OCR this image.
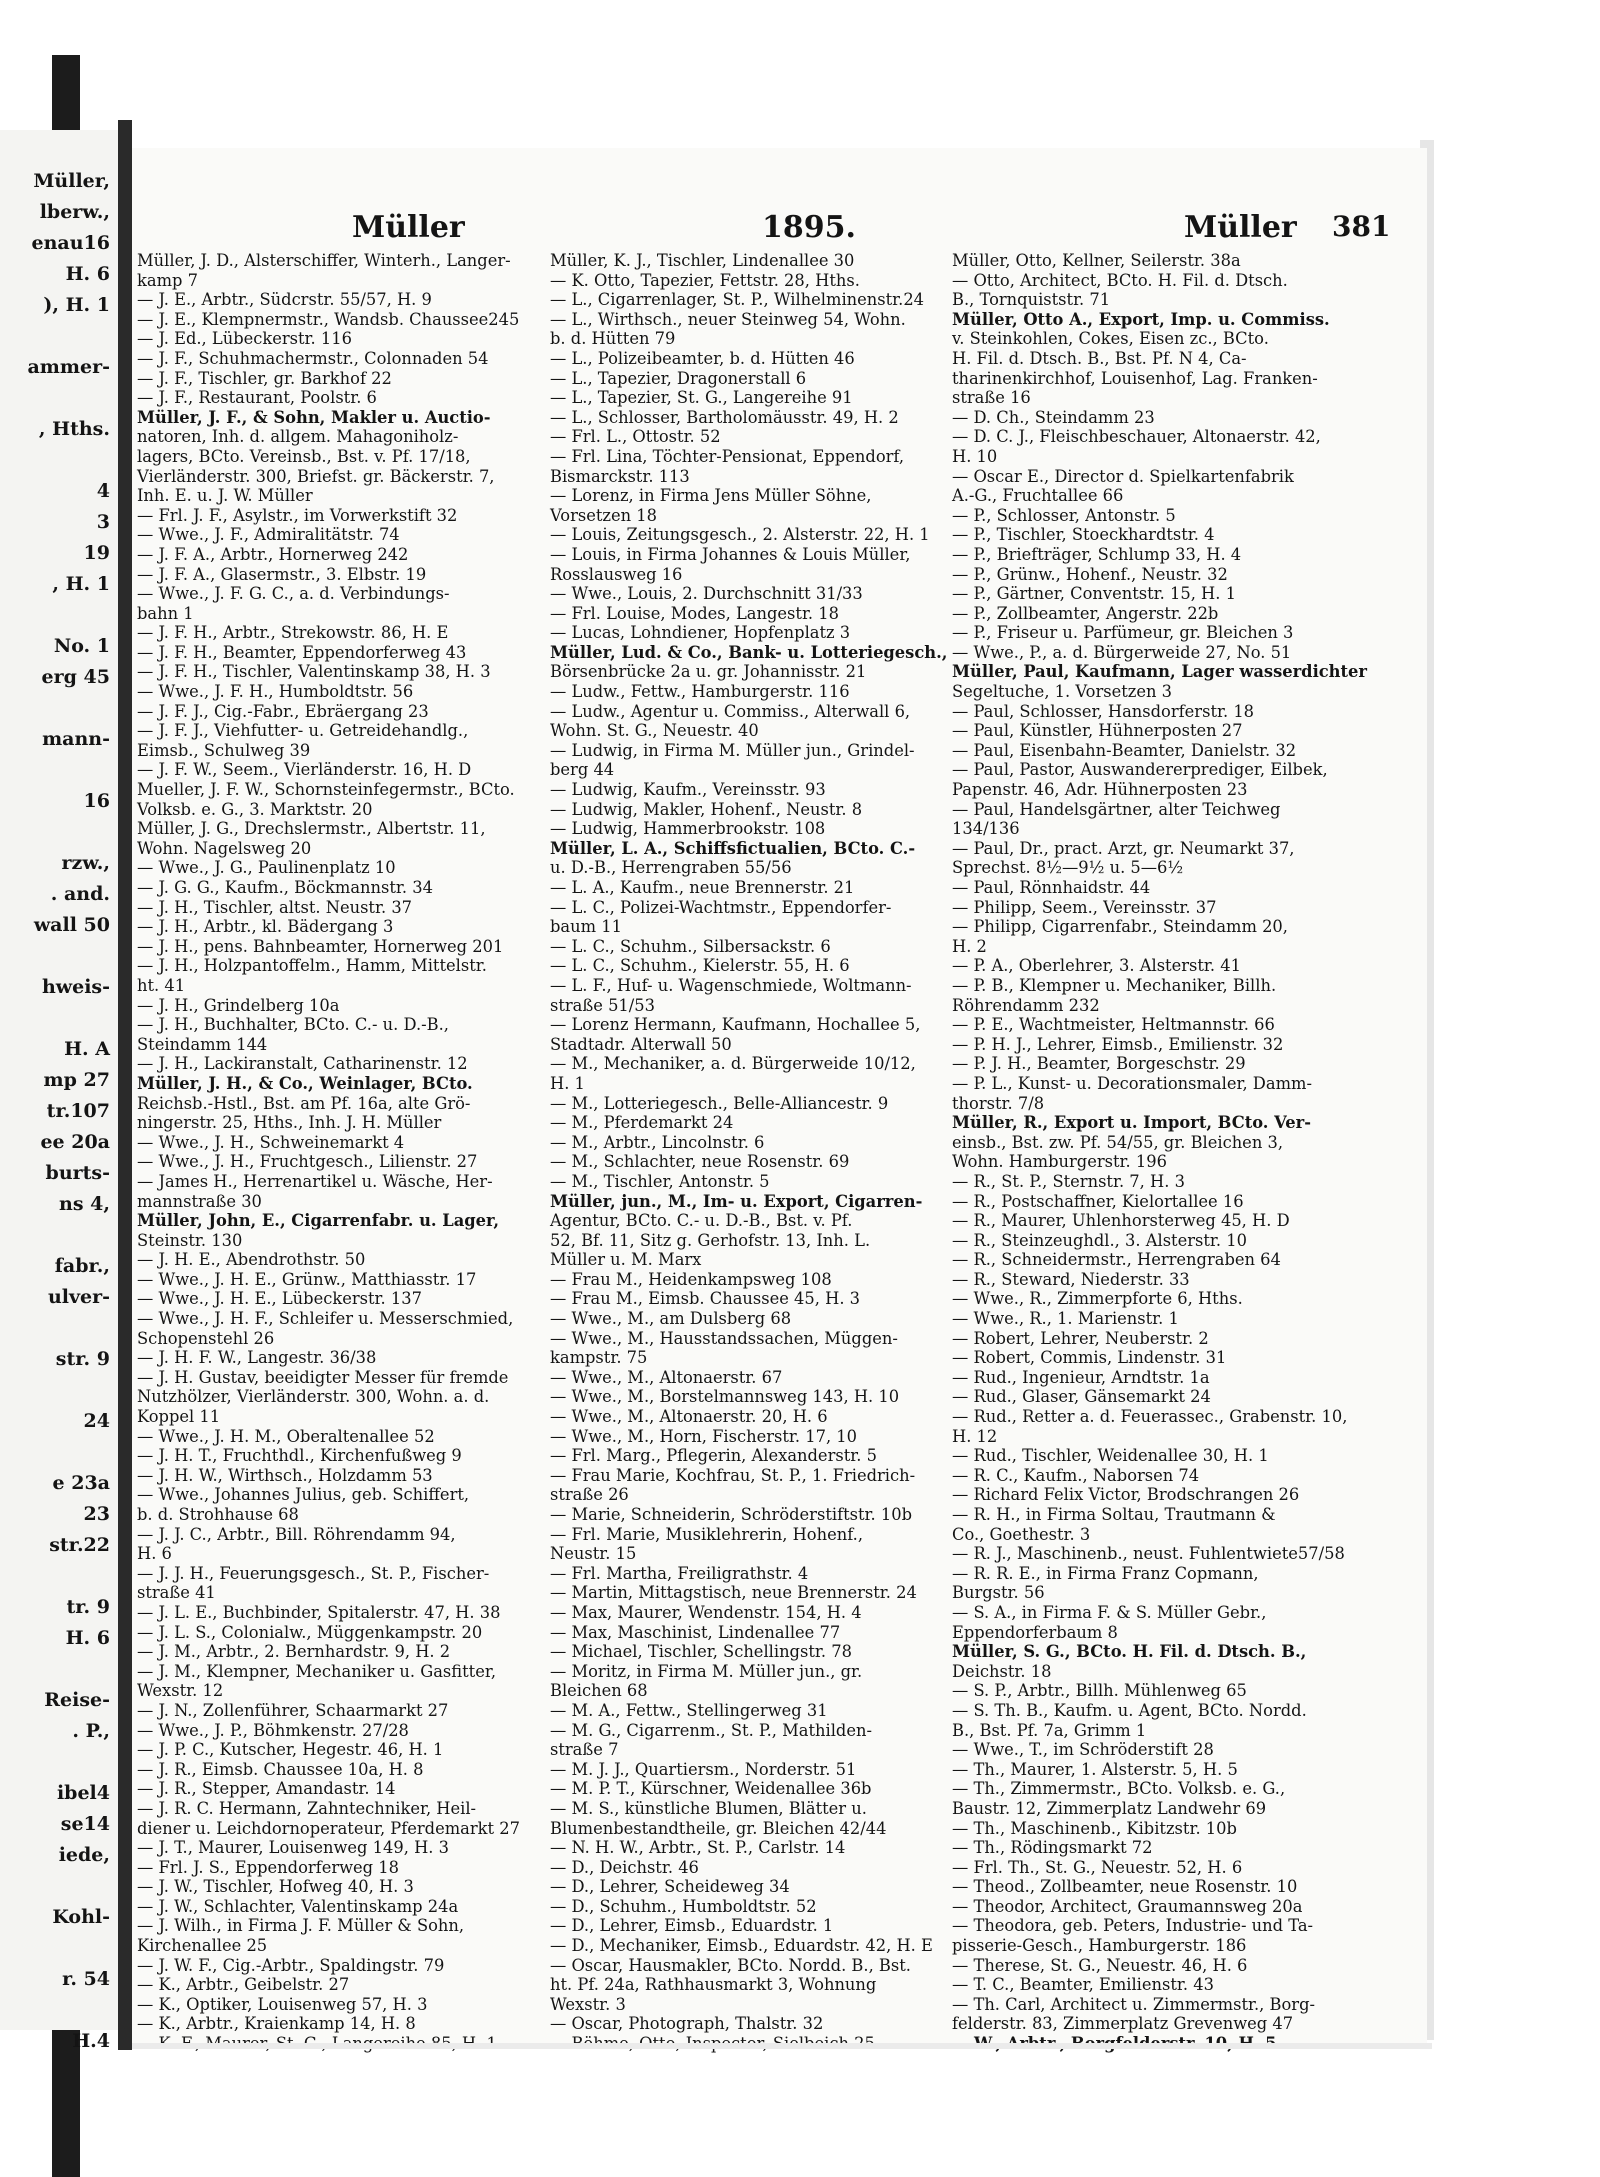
Müller,
lberw.,
enau16
H. 6
), H. 1
ammer-
, Hths.
4
3
19
, H. 1
No. 1
erg 45
mann-
16
rzw.,
. and.
wall 50
hweis-
H. A
mp 27
tr.107
ee 20a
burts-
ns 4,
fabr.,
ulver-
str. 9
24
e 23a
23
str.22
tr. 9
H. 6
Reise-
. P.,
ibel4
se14
iede,
Kohl-
r. 54
H.4
Müller	1895.	Müller 381
Müller, J. D., Alsterschiffer, Winterh., Langer-
kamp 7
— J. E., Arbtr., Südcrstr. 55/57, H. 9
— J. E., Klempnermstr., Wandsb. Chaussee245
— J. Ed., Lübeckerstr. 116
— J. F., Schuhmachermstr., Colonnaden 54
— J. F., Tischler, gr. Barkhof 22
— J. F., Restaurant, Poolstr. 6
Müller, J. F., & Sohn, Makler u. Auctio-
natoren, Inh. d. allgem. Mahagoniholz-
lagers, BCto. Vereinsb., Bst. v. Pf. 17/18,
Vierländerstr. 300, Briefst. gr. Bäckerstr. 7,
Inh. E. u. J. W. Müller
— Frl. J. F., Asylstr., im Vorwerkstift 32
— Wwe., J. F., Admiralitätstr. 74
— J. F. A., Arbtr., Hornerweg 242
— J. F. A., Glasermstr., 3. Elbstr. 19
— Wwe., J. F. G. C., a. d. Verbindungs-
bahn 1
— J. F. H., Arbtr., Strekowstr. 86, H. E
— J. F. H., Beamter, Eppendorferweg 43
— J. F. H., Tischler, Valentinskamp 38, H. 3
— Wwe., J. F. H., Humboldtstr. 56
— J. F. J., Cig.-Fabr., Ebräergang 23
— J. F. J., Viehfutter- u. Getreidehandlg.,
Eimsb., Schulweg 39
— J. F. W., Seem., Vierländerstr. 16, H. D
Mueller, J. F. W., Schornsteinfegermstr., BCto.
Volksb. e. G., 3. Marktstr. 20
Müller, J. G., Drechslermstr., Albertstr. 11,
Wohn. Nagelsweg 20
— Wwe., J. G., Paulinenplatz 10
— J. G. G., Kaufm., Böckmannstr. 34
— J. H., Tischler, altst. Neustr. 37
— J. H., Arbtr., kl. Bädergang 3
— J. H., pens. Bahnbeamter, Hornerweg 201
— J. H., Holzpantoffelm., Hamm, Mittelstr.
ht. 41
— J. H., Grindelberg 10a
— J. H., Buchhalter, BCto. C.- u. D.-B.,
Steindamm 144
— J. H., Lackiranstalt, Catharinenstr. 12
Müller, J. H., & Co., Weinlager, BCto.
Reichsb.-Hstl., Bst. am Pf. 16a, alte Grö-
ningerstr. 25, Hths., Inh. J. H. Müller
— Wwe., J. H., Schweinemarkt 4
— Wwe., J. H., Fruchtgesch., Lilienstr. 27
— James H., Herrenartikel u. Wäsche, Her-
mannstraße 30
Müller, John, E., Cigarrenfabr. u. Lager,
Steinstr. 130
— J. H. E., Abendrothstr. 50
— Wwe., J. H. E., Grünw., Matthiasstr. 17
— Wwe., J. H. E., Lübeckerstr. 137
— Wwe., J. H. F., Schleifer u. Messerschmied,
Schopenstehl 26
— J. H. F. W., Langestr. 36/38
— J. H. Gustav, beeidigter Messer für fremde
Nutzhölzer, Vierländerstr. 300, Wohn. a. d.
Koppel 11
— Wwe., J. H. M., Oberaltenallee 52
— J. H. T., Fruchthdl., Kirchenfußweg 9
— J. H. W., Wirthsch., Holzdamm 53
— Wwe., Johannes Julius, geb. Schiffert,
b. d. Strohhause 68
— J. J. C., Arbtr., Bill. Röhrendamm 94,
H. 6
— J. J. H., Feuerungsgesch., St. P., Fischer-
straße 41
— J. L. E., Buchbinder, Spitalerstr. 47, H. 38
— J. L. S., Colonialw., Müggenkampstr. 20
— J. M., Arbtr., 2. Bernhardstr. 9, H. 2
— J. M., Klempner, Mechaniker u. Gasfitter,
Wexstr. 12
— J. N., Zollenführer, Schaarmarkt 27
— Wwe., J. P., Böhmkenstr. 27/28
— J. P. C., Kutscher, Hegestr. 46, H. 1
— J. R., Eimsb. Chaussee 10a, H. 8
— J. R., Stepper, Amandastr. 14
— J. R. C. Hermann, Zahntechniker, Heil-
diener u. Leichdornoperateur, Pferdemarkt 27
— J. T., Maurer, Louisenweg 149, H. 3
— Frl. J. S., Eppendorferweg 18
— J. W., Tischler, Hofweg 40, H. 3
— J. W., Schlachter, Valentinskamp 24a
— J. Wilh., in Firma J. F. Müller & Sohn,
Kirchenallee 25
— J. W. F., Cig.-Arbtr., Spaldingstr. 79
— K., Arbtr., Geibelstr. 27
— K., Optiker, Louisenweg 57, H. 3
— K., Arbtr., Kraienkamp 14, H. 8
Müller, K. J., Tischler, Lindenallee 30
— K. Otto, Tapezier, Fettstr. 28, Hths.
— L., Cigarrenlager, St. P., Wilhelminenstr.24
— L., Wirthsch., neuer Steinweg 54, Wohn.
b. d. Hütten 79
— L., Polizeibeamter, b. d. Hütten 46
— L., Tapezier, Dragonerstall 6
— L., Tapezier, St. G., Langereihe 91
— L., Schlosser, Bartholomäusstr. 49, H. 2
— Frl. L., Ottostr. 52
— Frl. Lina, Töchter-Pensionat, Eppendorf,
Bismarckstr. 113
— Lorenz, in Firma Jens Müller Söhne,
Vorsetzen 18
— Louis, Zeitungsgesch., 2. Alsterstr. 22, H. 1
— Louis, in Firma Johannes & Louis Müller,
Rosslausweg 16
— Wwe., Louis, 2. Durchschnitt 31/33
— Frl. Louise, Modes, Langestr. 18
— Lucas, Lohndiener, Hopfenplatz 3
Müller, Lud. & Co., Bank- u. Lotteriegesch.,
Börsenbrücke 2a u. gr. Johannisstr. 21
— Ludw., Fettw., Hamburgerstr. 116
— Ludw., Agentur u. Commiss., Alterwall 6,
Wohn. St. G., Neuestr. 40
— Ludwig, in Firma M. Müller jun., Grindel-
berg 44
— Ludwig, Kaufm., Vereinsstr. 93
— Ludwig, Makler, Hohenf., Neustr. 8
— Ludwig, Hammerbrookstr. 108
Müller, L. A., Schiffsfictualien, BCto. C.-
u. D.-B., Herrengraben 55/56
— L. A., Kaufm., neue Brennerstr. 21
— L. C., Polizei-Wachtmstr., Eppendorfer-
baum 11
— L. C., Schuhm., Silbersackstr. 6
— L. C., Schuhm., Kielerstr. 55, H. 6
— L. F., Huf- u. Wagenschmiede, Woltmann-
straße 51/53
— Lorenz Hermann, Kaufmann, Hochallee 5,
Stadtadr. Alterwall 50
— M., Mechaniker, a. d. Bürgerweide 10/12,
H. 1
— M., Lotteriegesch., Belle-Alliancestr. 9
— M., Pferdemarkt 24
— M., Arbtr., Lincolnstr. 6
— M., Schlachter, neue Rosenstr. 69
— M., Tischler, Antonstr. 5
Müller, jun., M., Im- u. Export, Cigarren-
Agentur, BCto. C.- u. D.-B., Bst. v. Pf.
52, Bf. 11, Sitz g. Gerhofstr. 13, Inh. L.
Müller u. M. Marx
— Frau M., Heidenkampsweg 108
— Frau M., Eimsb. Chaussee 45, H. 3
— Wwe., M., am Dulsberg 68
— Wwe., M., Hausstandssachen, Müggen-
kampstr. 75
— Wwe., M., Altonaerstr. 67
— Wwe., M., Borstelmannsweg 143, H. 10
— Wwe., M., Altonaerstr. 20, H. 6
— Wwe., M., Horn, Fischerstr. 17, 10
— Frl. Marg., Pflegerin, Alexanderstr. 5
— Frau Marie, Kochfrau, St. P., 1. Friedrich-
straße 26
— Marie, Schneiderin, Schröderstiftstr. 10b
— Frl. Marie, Musiklehrerin, Hohenf.,
Neustr. 15
— Frl. Martha, Freiligrathstr. 4
— Martin, Mittagstisch, neue Brennerstr. 24
— Max, Maurer, Wendenstr. 154, H. 4
— Max, Maschinist, Lindenallee 77
— Michael, Tischler, Schellingstr. 78
— Moritz, in Firma M. Müller jun., gr.
Bleichen 68
— M. A., Fettw., Stellingerweg 31
— M. G., Cigarrenm., St. P., Mathilden-
straße 7
— M. J. J., Quartiersm., Norderstr. 51
— M. P. T., Kürschner, Weidenallee 36b
— M. S., künstliche Blumen, Blätter u.
Blumenbestandtheile, gr. Bleichen 42/44
— N. H. W., Arbtr., St. P., Carlstr. 14
— D., Deichstr. 46
— D., Lehrer, Scheideweg 34
— D., Schuhm., Humboldtstr. 52
— D., Lehrer, Eimsb., Eduardstr. 1
— D., Mechaniker, Eimsb., Eduardstr. 42, H. E
— Oscar, Hausmakler, BCto. Nordd. B., Bst.
ht. Pf. 24a, Rathhausmarkt 3, Wohnung
Wexstr. 3
— Oscar, Photograph, Thalstr. 32
Müller, Otto, Kellner, Seilerstr. 38a
— Otto, Architect, BCto. H. Fil. d. Dtsch.
B., Tornquiststr. 71
Müller, Otto A., Export, Imp. u. Commiss.
v. Steinkohlen, Cokes, Eisen zc., BCto.
H. Fil. d. Dtsch. B., Bst. Pf. N 4, Ca-
tharinenkirchhof, Louisenhof, Lag. Franken-
straße 16
— D. Ch., Steindamm 23
— D. C. J., Fleischbeschauer, Altonaerstr. 42,
H. 10
— Oscar E., Director d. Spielkartenfabrik
A.-G., Fruchtallee 66
— P., Schlosser, Antonstr. 5
— P., Tischler, Stoeckhardtstr. 4
— P., Briefträger, Schlump 33, H. 4
— P., Grünw., Hohenf., Neustr. 32
— P., Gärtner, Conventstr. 15, H. 1
— P., Zollbeamter, Angerstr. 22b
— P., Friseur u. Parfümeur, gr. Bleichen 3
— Wwe., P., a. d. Bürgerweide 27, No. 51
Müller, Paul, Kaufmann, Lager wasserdichter
Segeltuche, 1. Vorsetzen 3
— Paul, Schlosser, Hansdorferstr. 18
— Paul, Künstler, Hühnerposten 27
— Paul, Eisenbahn-Beamter, Danielstr. 32
— Paul, Pastor, Auswandererprediger, Eilbek,
Papenstr. 46, Adr. Hühnerposten 23
— Paul, Handelsgärtner, alter Teichweg
134/136
— Paul, Dr., pract. Arzt, gr. Neumarkt 37,
Sprechst. 8½—9½ u. 5—6½
— Paul, Rönnhaidstr. 44
— Philipp, Seem., Vereinsstr. 37
— Philipp, Cigarrenfabr., Steindamm 20,
H. 2
— P. A., Oberlehrer, 3. Alsterstr. 41
— P. B., Klempner u. Mechaniker, Billh.
Röhrendamm 232
— P. E., Wachtmeister, Heltmannstr. 66
— P. H. J., Lehrer, Eimsb., Emilienstr. 32
— P. J. H., Beamter, Borgeschstr. 29
— P. L., Kunst- u. Decorationsmaler, Damm-
thorstr. 7/8
Müller, R., Export u. Import, BCto. Ver-
einsb., Bst. zw. Pf. 54/55, gr. Bleichen 3,
Wohn. Hamburgerstr. 196
— R., St. P., Sternstr. 7, H. 3
— R., Postschaffner, Kielortallee 16
— R., Maurer, Uhlenhorsterweg 45, H. D
— R., Steinzeughdl., 3. Alsterstr. 10
— R., Schneidermstr., Herrengraben 64
— R., Steward, Niederstr. 33
— Wwe., R., Zimmerpforte 6, Hths.
— Wwe., R., 1. Marienstr. 1
— Robert, Lehrer, Neuberstr. 2
— Robert, Commis, Lindenstr. 31
— Rud., Ingenieur, Arndtstr. 1a
— Rud., Glaser, Gänsemarkt 24
— Rud., Retter a. d. Feuerassec., Grabenstr. 10,
H. 12
— Rud., Tischler, Weidenallee 30, H. 1
— R. C., Kaufm., Naborsen 74
— Richard Felix Victor, Brodschrangen 26
— R. H., in Firma Soltau, Trautmann &
Co., Goethestr. 3
— R. J., Maschinenb., neust. Fuhlentwiete57/58
— R. R. E., in Firma Franz Copmann,
Burgstr. 56
— S. A., in Firma F. & S. Müller Gebr.,
Eppendorferbaum 8
Müller, S. G., BCto. H. Fil. d. Dtsch. B.,
Deichstr. 18
— S. P., Arbtr., Billh. Mühlenweg 65
— S. Th. B., Kaufm. u. Agent, BCto. Nordd.
B., Bst. Pf. 7a, Grimm 1
— Wwe., T., im Schröderstift 28
— Th., Maurer, 1. Alsterstr. 5, H. 5
— Th., Zimmermstr., BCto. Volksb. e. G.,
Baustr. 12, Zimmerplatz Landwehr 69
— Th., Maschinenb., Kibitzstr. 10b
— Th., Rödingsmarkt 72
— Frl. Th., St. G., Neuestr. 52, H. 6
— Theod., Zollbeamter, neue Rosenstr. 10
— Theodor, Architect, Graumannsweg 20a
— Theodora, geb. Peters, Industrie- und Ta-
pisserie-Gesch., Hamburgerstr. 186
— Therese, St. G., Neuestr. 46, H. 6
— T. C., Beamter, Emilienstr. 43
— Th. Carl, Architect u. Zimmermstr., Borg-
felderstr. 83, Zimmerplatz Grevenweg 47
